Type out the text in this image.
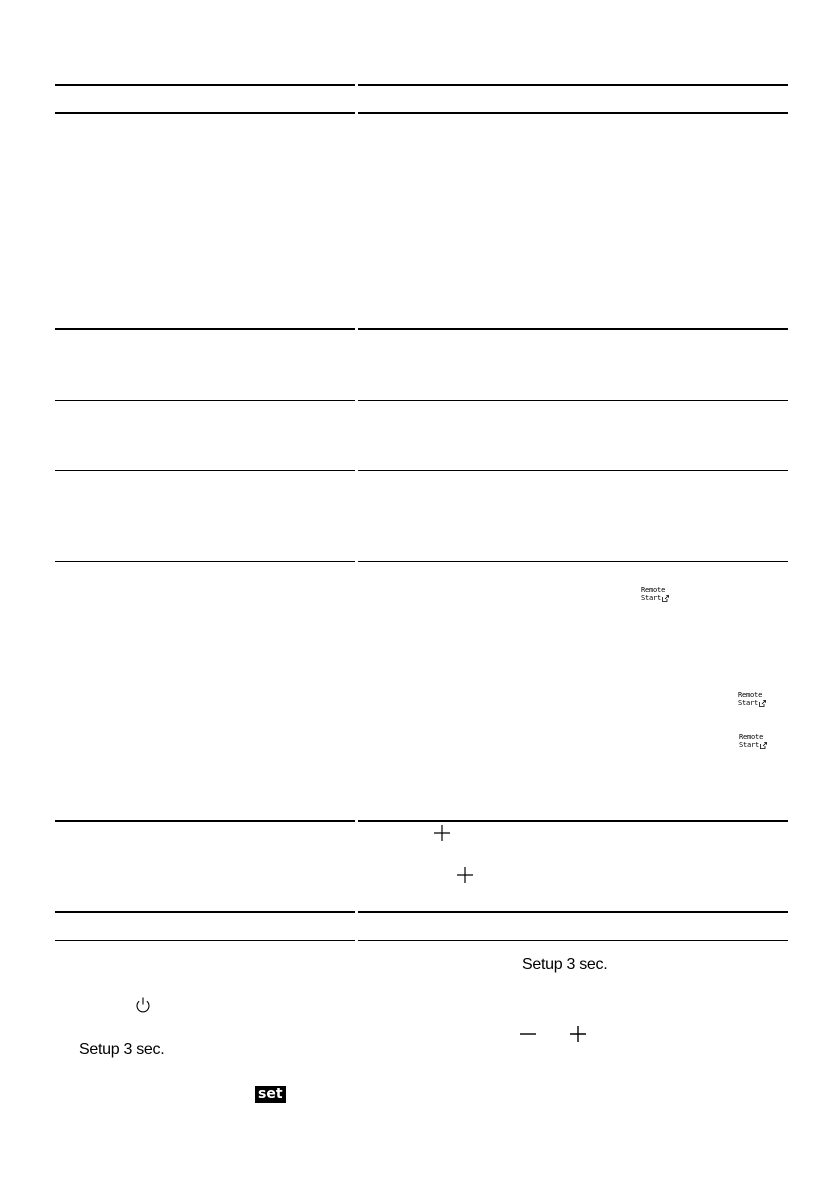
Remote
Start
Remote
Start
Remote
Start
Setup 3 sec.
Setup 3 sec.
set
